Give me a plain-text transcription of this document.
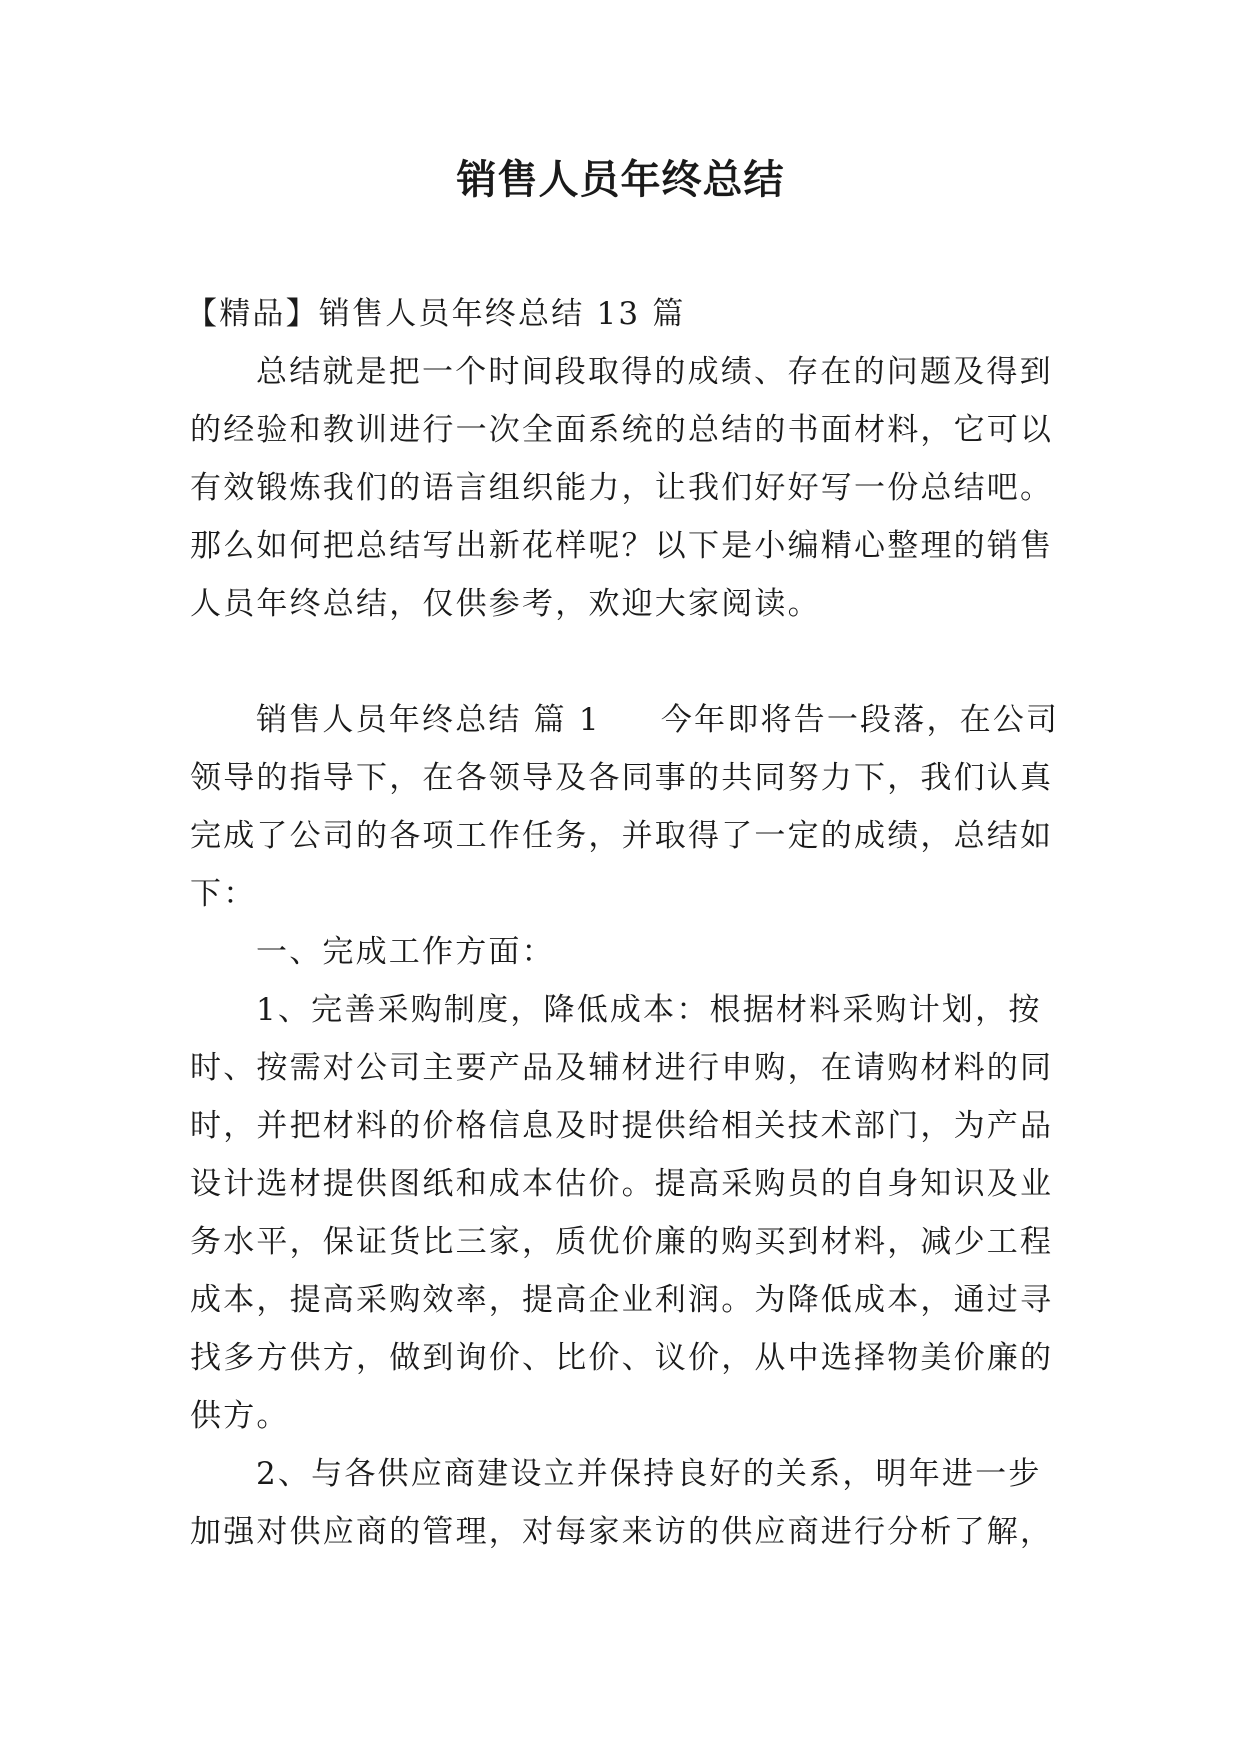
销售人员年终总结

【精品】销售人员年终总结 13 篇

总结就是把一个时间段取得的成绩、存在的问题及得到的经验和教训进行一次全面系统的总结的书面材料，它可以有效锻炼我们的语言组织能力，让我们好好写一份总结吧。那么如何把总结写出新花样呢？以下是小编精心整理的销售人员年终总结，仅供参考，欢迎大家阅读。

销售人员年终总结 篇 1 今年即将告一段落，在公司领导的指导下，在各领导及各同事的共同努力下，我们认真完成了公司的各项工作任务，并取得了一定的成绩，总结如下：

一、完成工作方面：

1、完善采购制度，降低成本：根据材料采购计划，按时、按需对公司主要产品及辅材进行申购，在请购材料的同时，并把材料的价格信息及时提供给相关技术部门，为产品设计选材提供图纸和成本估价。提高采购员的自身知识及业务水平，保证货比三家，质优价廉的购买到材料，减少工程成本，提高采购效率，提高企业利润。为降低成本，通过寻找多方供方，做到询价、比价、议价，从中选择物美价廉的供方。

2、与各供应商建设立并保持良好的关系，明年进一步加强对供应商的管理，对每家来访的供应商进行分析了解，
